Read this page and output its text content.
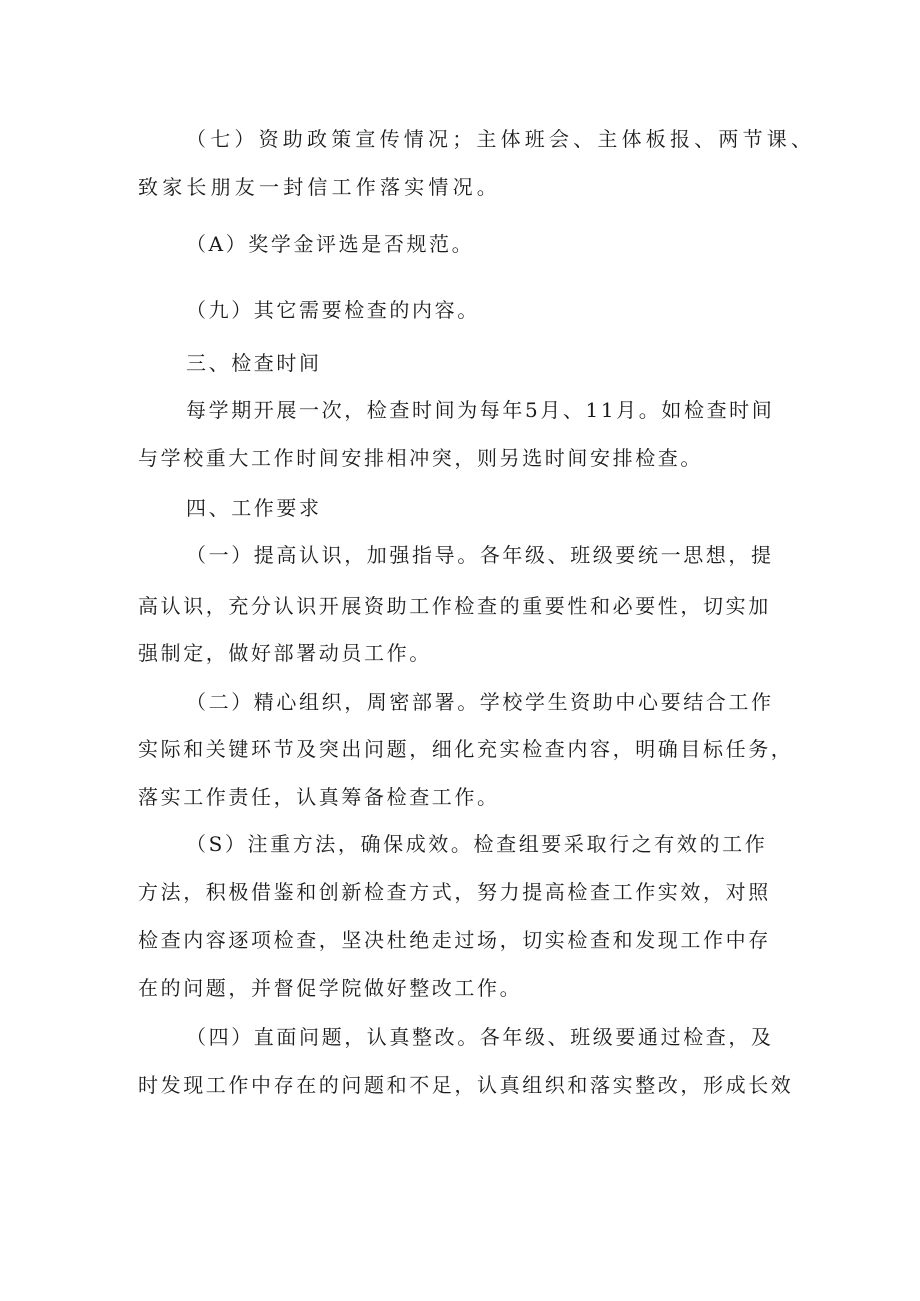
（七）资助政策宣传情况；主体班会、主体板报、两节课、
致家长朋友一封信工作落实情况。
（A）奖学金评选是否规范。
（九）其它需要检查的内容。
三、检查时间
每学期开展一次，检查时间为每年5月、11月。如检查时间
与学校重大工作时间安排相冲突，则另选时间安排检查。
四、工作要求
（一）提高认识，加强指导。各年级、班级要统一思想，提
高认识，充分认识开展资助工作检查的重要性和必要性，切实加
强制定，做好部署动员工作。
（二）精心组织，周密部署。学校学生资助中心要结合工作
实际和关键环节及突出问题，细化充实检查内容，明确目标任务，
落实工作责任，认真筹备检查工作。
（S）注重方法，确保成效。检查组要采取行之有效的工作
方法，积极借鉴和创新检查方式，努力提高检查工作实效，对照
检查内容逐项检查，坚决杜绝走过场，切实检查和发现工作中存
在的问题，并督促学院做好整改工作。
（四）直面问题，认真整改。各年级、班级要通过检查，及
时发现工作中存在的问题和不足，认真组织和落实整改，形成长效
